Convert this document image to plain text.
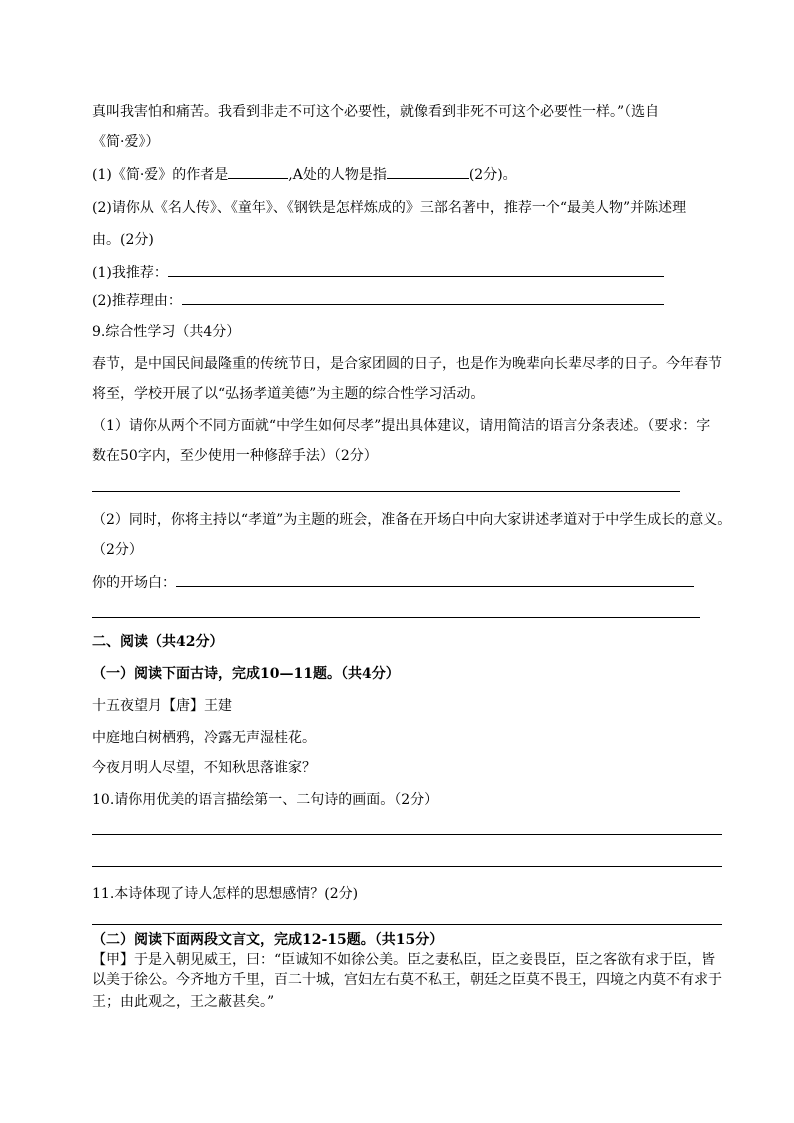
真叫我害怕和痛苦。我看到非走不可这个必要性，就像看到非死不可这个必要性一样。”（选自
《简·爱》）
(1)《简·爱》的作者是	,A处的人物是指	(2分)。
(2)请你从《名人传》、《童年》、《钢铁是怎样炼成的》三部名著中，推荐一个“最美人物”并陈述理
由。(2分)
(1)我推荐：
(2)推荐理由：
9.综合性学习（共4分）
春节，是中国民间最隆重的传统节日，是合家团圆的日子，也是作为晚辈向长辈尽孝的日子。今年春节
将至，学校开展了以“弘扬孝道美德”为主题的综合性学习活动。
（1）请你从两个不同方面就“中学生如何尽孝”提出具体建议，请用简洁的语言分条表述。（要求：字
数在50字内，至少使用一种修辞手法）（2分）
（2）同时，你将主持以“孝道”为主题的班会，准备在开场白中向大家讲述孝道对于中学生成长的意义。
（2分）
你的开场白：
二、阅读（共42分）
（一）阅读下面古诗，完成10—11题。（共4分）
十五夜望月【唐】王建
中庭地白树栖鸦，冷露无声湿桂花。
今夜月明人尽望，不知秋思落谁家？
10.请你用优美的语言描绘第一、二句诗的画面。（2分）
11.本诗体现了诗人怎样的思想感情？(2分)
（二）阅读下面两段文言文，完成12-15题。（共15分）
【甲】于是入朝见威王，曰：“臣诚知不如徐公美。臣之妻私臣，臣之妾畏臣，臣之客欲有求于臣，皆
以美于徐公。今齐地方千里，百二十城，宫妇左右莫不私王，朝廷之臣莫不畏王，四境之内莫不有求于
王；由此观之，王之蔽甚矣。”
